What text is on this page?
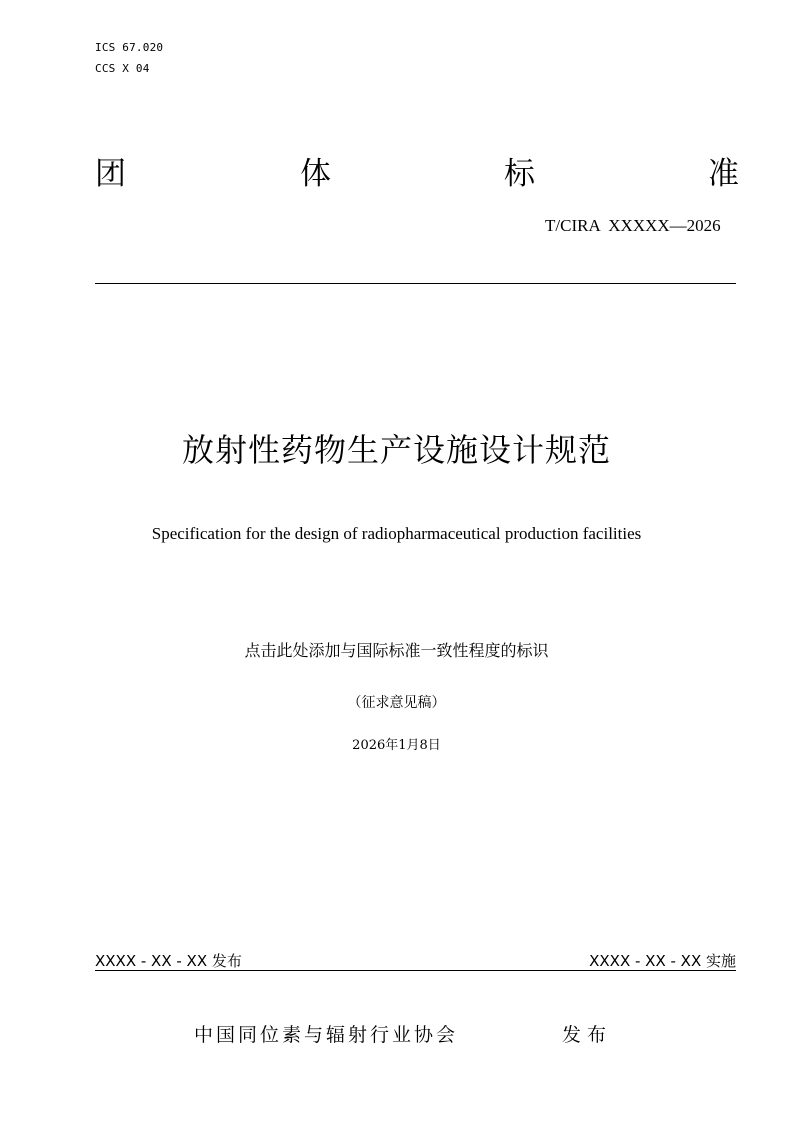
ICS 67.020
CCS X 04
团	体	标	准
T/CIRA  XXXXX—2026
放射性药物生产设施设计规范
Specification for the design of radiopharmaceutical production facilities
点击此处添加与国际标准一致性程度的标识
（征求意见稿）
2026年1月8日
XXXX - XX - XX 发布	XXXX - XX - XX 实施
中国同位素与辐射行业协会	发布
